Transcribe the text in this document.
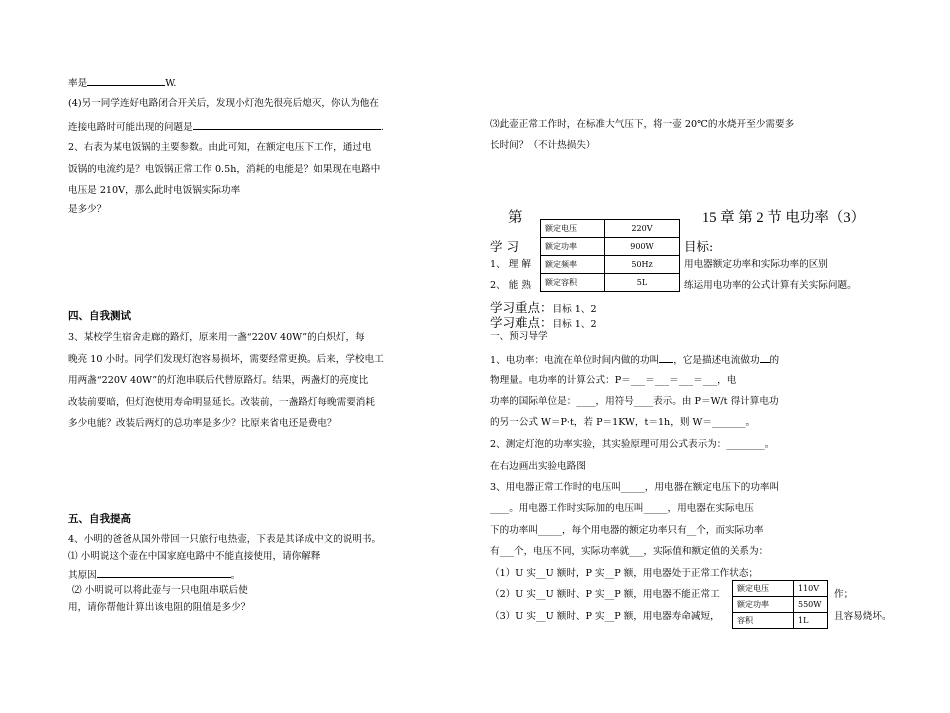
率是	W.
(4)另一同学连好电路闭合开关后，发现小灯泡先很亮后熄灭，你认为他在
连接电路时可能出现的问题是	.
2、右表为某电饭锅的主要参数。由此可知，在额定电压下工作，通过电
饭锅的电流约是？电饭锅正常工作 0.5h，消耗的电能是？如果现在电路中
电压是 210V，那么此时电饭锅实际功率
是多少？
四、自我测试
3、某校学生宿舍走廊的路灯，原来用一盏“220V 40W”的白炽灯，每
晚亮 10 小时。同学们发现灯泡容易损坏，需要经常更换。后来，学校电工
用两盏“220V 40W”的灯泡串联后代替原路灯。结果，两盏灯的亮度比
改装前要暗，但灯泡使用寿命明显延长。改装前，一盏路灯每晚需要消耗
多少电能？改装后两灯的总功率是多少？比原来省电还是费电？
五、自我提高
4、小明的爸爸从国外带回一只旅行电热壶，下表是其译成中文的说明书。
⑴ 小明说这个壶在中国家庭电路中不能直接使用，请你解释
其原因	。
⑵ 小明说可以将此壶与一只电阻串联后使
用，请你帮他计算出该电阻的阻值是多少？
⑶此壶正常工作时，在标准大气压下，将一壶 20℃的水烧开至少需要多
长时间？（不计热损失）
第	15 章 第 2 节 电功率（3）
额定电压	220V
额定功率	900W
额定频率	50Hz
额定容积	5L
学 习	目标:
1、 理 解	用电器额定功率和实际功率的区别
2、 能 熟	练运用电功率的公式计算有关实际问题。
学习重点：目标 1、2
学习难点：目标 1、2
一、预习导学
1、电功率：电流在单位时间内做的功叫 ，它是描述电流做功 的
物理量。电功率的计算公式：P＝___＝___＝___＝___，电
功率的国际单位是：____，用符号____表示。由 P＝W/t 得计算电功
的另一公式 W＝P·t，若 P＝1KW，t＝1h，则 W＝_______。
2、测定灯泡的功率实验，其实验原理可用公式表示为：________。
在右边画出实验电路图
3、用电器正常工作时的电压叫_____，用电器在额定电压下的功率叫
____。用电器工作时实际加的电压叫_____，用电器在实际电压
下的功率叫_____，每个用电器的额定功率只有__个，而实际功率
有___个，电压不同，实际功率就___，实际值和额定值的关系为：
（1）U 实__U 额时，P 实__P 额，用电器处于正常工作状态；
（2）U 实__U 额时、P 实__P 额，用电器不能正常工	作；
（3）U 实__U 额时、P 实__P 额，用电器寿命减短，	且容易烧坏。
额定电压	110V
额定功率	550W
容积	1L
